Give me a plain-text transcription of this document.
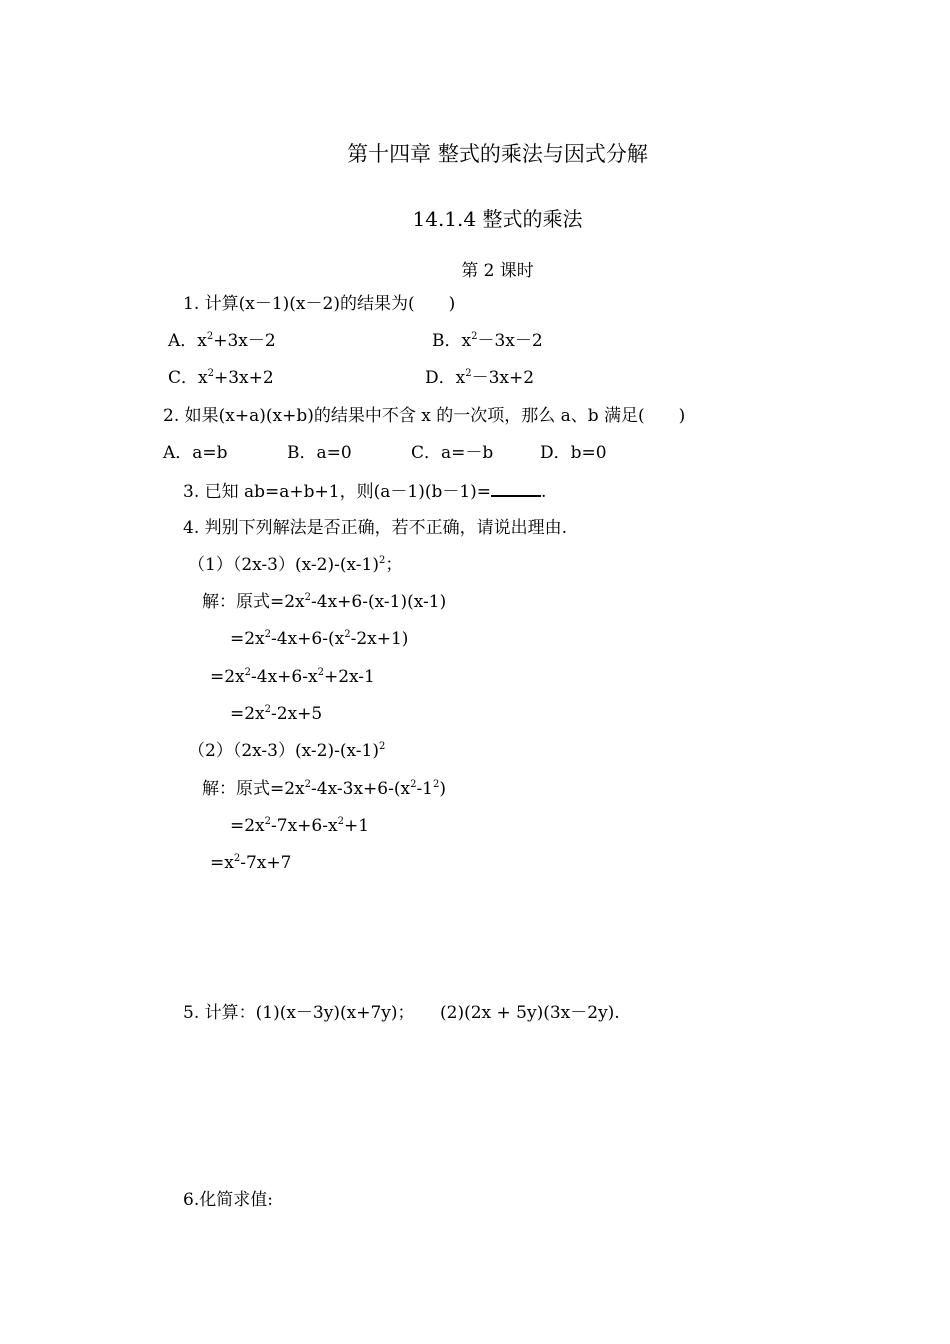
第十四章 整式的乘法与因式分解
14.1.4 整式的乘法
第 2 课时
1. 计算(x－1)(x－2)的结果为(　　)
A．$x^2+3x-2$	B．$x^2-3x-2$
C．$x^2+3x+2$	D．$x^2-3x+2$
2. 如果(x+a)(x+b)的结果中不含 x 的一次项，那么 a、b 满足(　　)
A．a=b	B．a=0	C．a=－b	D．b=0
3. 已知 ab=a+b+1，则(a－1)(b－1)=	.
4. 判别下列解法是否正确，若不正确，请说出理由.
$(1)(2x-3)(x-2)-(x-1)^2$；
解：原式$=2x^2-4x+6-(x-1)(x-1)$
$=2x^2-4x+6-(x^2-2x+1)$
$=2x^2-4x+6-x^2+2x-1$
$=2x^2-2x+5$
$(2)(2x-3)(x-2)-(x-1)^2$
解：原式$=2x^2-4x-3x+6-(x^2-1^2)$
$=2x^2-7x+6-x^2+1$
$=x^2-7x+7$
5. 计算：(1)(x－3y)(x+7y)；　　(2)(2x + 5y)(3x－2y).
6.化简求值:
